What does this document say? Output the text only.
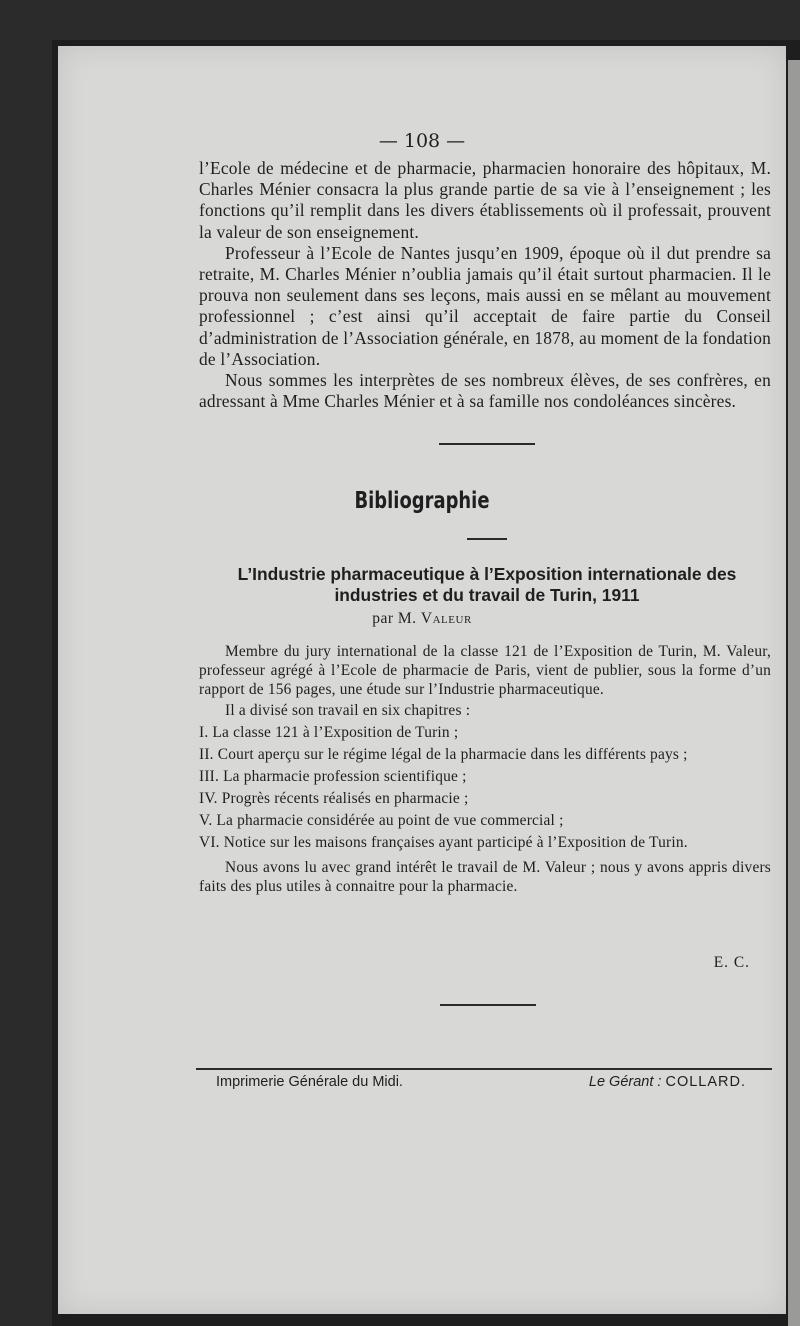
— 108 —

l’Ecole de médecine et de pharmacie, pharmacien honoraire des hôpitaux, M. Charles Ménier consacra la plus grande partie de sa vie à l’enseignement ; les fonctions qu’il remplit dans les divers établissements où il professait, prouvent la valeur de son enseignement.

Professeur à l’Ecole de Nantes jusqu’en 1909, époque où il dut prendre sa retraite, M. Charles Ménier n’oublia jamais qu’il était surtout pharmacien. Il le prouva non seulement dans ses leçons, mais aussi en se mêlant au mouvement professionnel ; c’est ainsi qu’il acceptait de faire partie du Conseil d’administration de l’Association générale, en 1878, au moment de la fondation de l’Association.

Nous sommes les interprètes de ses nombreux élèves, de ses confrères, en adressant à Mme Charles Ménier et à sa famille nos condoléances sincères.

Bibliographie
L’Industrie pharmaceutique à l’Exposition internationale des industries et du travail de Turin, 1911
par M. Valeur

Membre du jury international de la classe 121 de l’Exposition de Turin, M. Valeur, professeur agrégé à l’Ecole de pharmacie de Paris, vient de publier, sous la forme d’un rapport de 156 pages, une étude sur l’Industrie pharmaceutique.

Il a divisé son travail en six chapitres :

I. La classe 121 à l’Exposition de Turin ;
II. Court aperçu sur le régime légal de la pharmacie dans les différents pays ;
III. La pharmacie profession scientifique ;
IV. Progrès récents réalisés en pharmacie ;
V. La pharmacie considérée au point de vue commercial ;
VI. Notice sur les maisons françaises ayant participé à l’Exposition de Turin.

Nous avons lu avec grand intérêt le travail de M. Valeur ; nous y avons appris divers faits des plus utiles à connaitre pour la pharmacie.

E. C.
Imprimerie Générale du Midi.	Le Gérant : COLLARD.
